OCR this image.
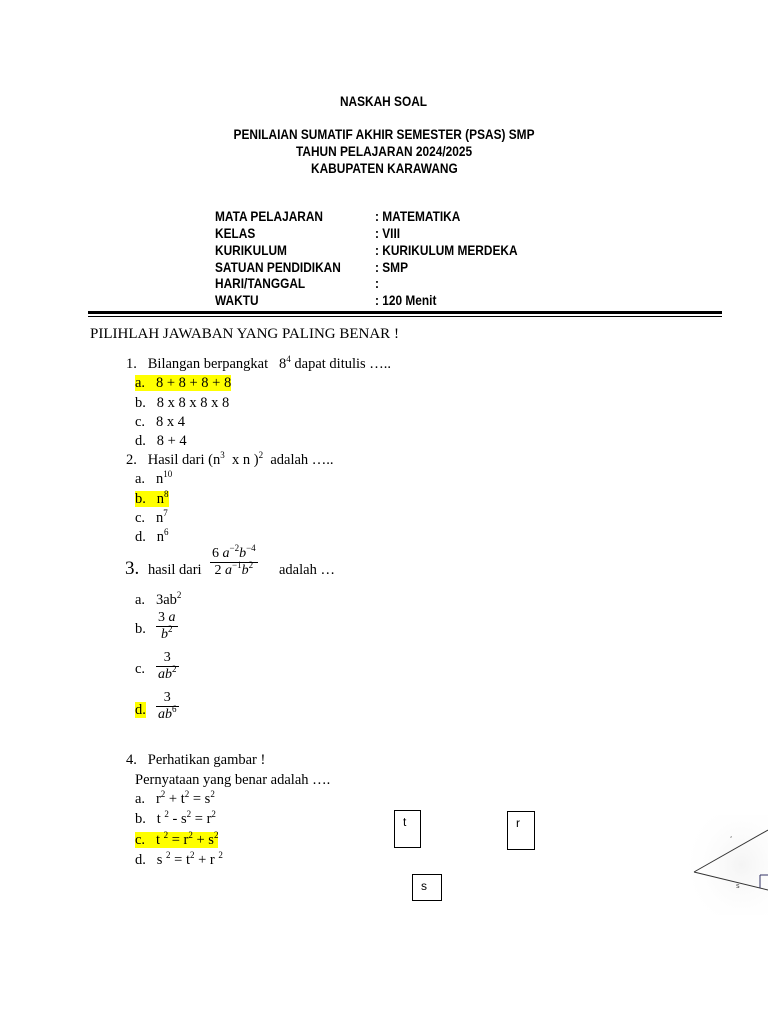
NASKAH SOAL
PENILAIAN SUMATIF AKHIR SEMESTER (PSAS) SMP
TAHUN PELAJARAN 2024/2025
KABUPATEN KARAWANG
MATA PELAJARAN	: MATEMATIKA
KELAS	: VIII
KURIKULUM	: KURIKULUM MERDEKA
SATUAN PENDIDIKAN	: SMP
HARI/TANGGAL	:
WAKTU	: 120 Menit
PILIHLAH JAWABAN YANG PALING BENAR !
1. Bilangan berpangkat $8^4$ dapat ditulis …..
a. 8 + 8 + 8 + 8
b. 8 x 8 x 8 x 8
c. 8 x 4
d. 8 + 4
2. Hasil dari ($n^3$ x n )$^2$ adalah …..
a. $n^{10}$
b. $n^8$
c. $n^7$
d. $n^6$
3. hasil dari $\frac{6 a^{-2}b^{-4}}{2 a^{-1}b^2}$ adalah …
a. $3ab^2$
b. $\frac{3 a}{b^2}$
c. $\frac{3}{ab^2}$
d. $\frac{3}{ab^6}$
4. Perhatikan gambar !
Pernyataan yang benar adalah ….
a. $r^2 + t^2 = s^2$
b. t $^2 - s^2 = r^2$
c. t $^2 = r^2 + s^2$
d. s $^2 = t^2 + r$ $^2$
t	r
s
,
s
